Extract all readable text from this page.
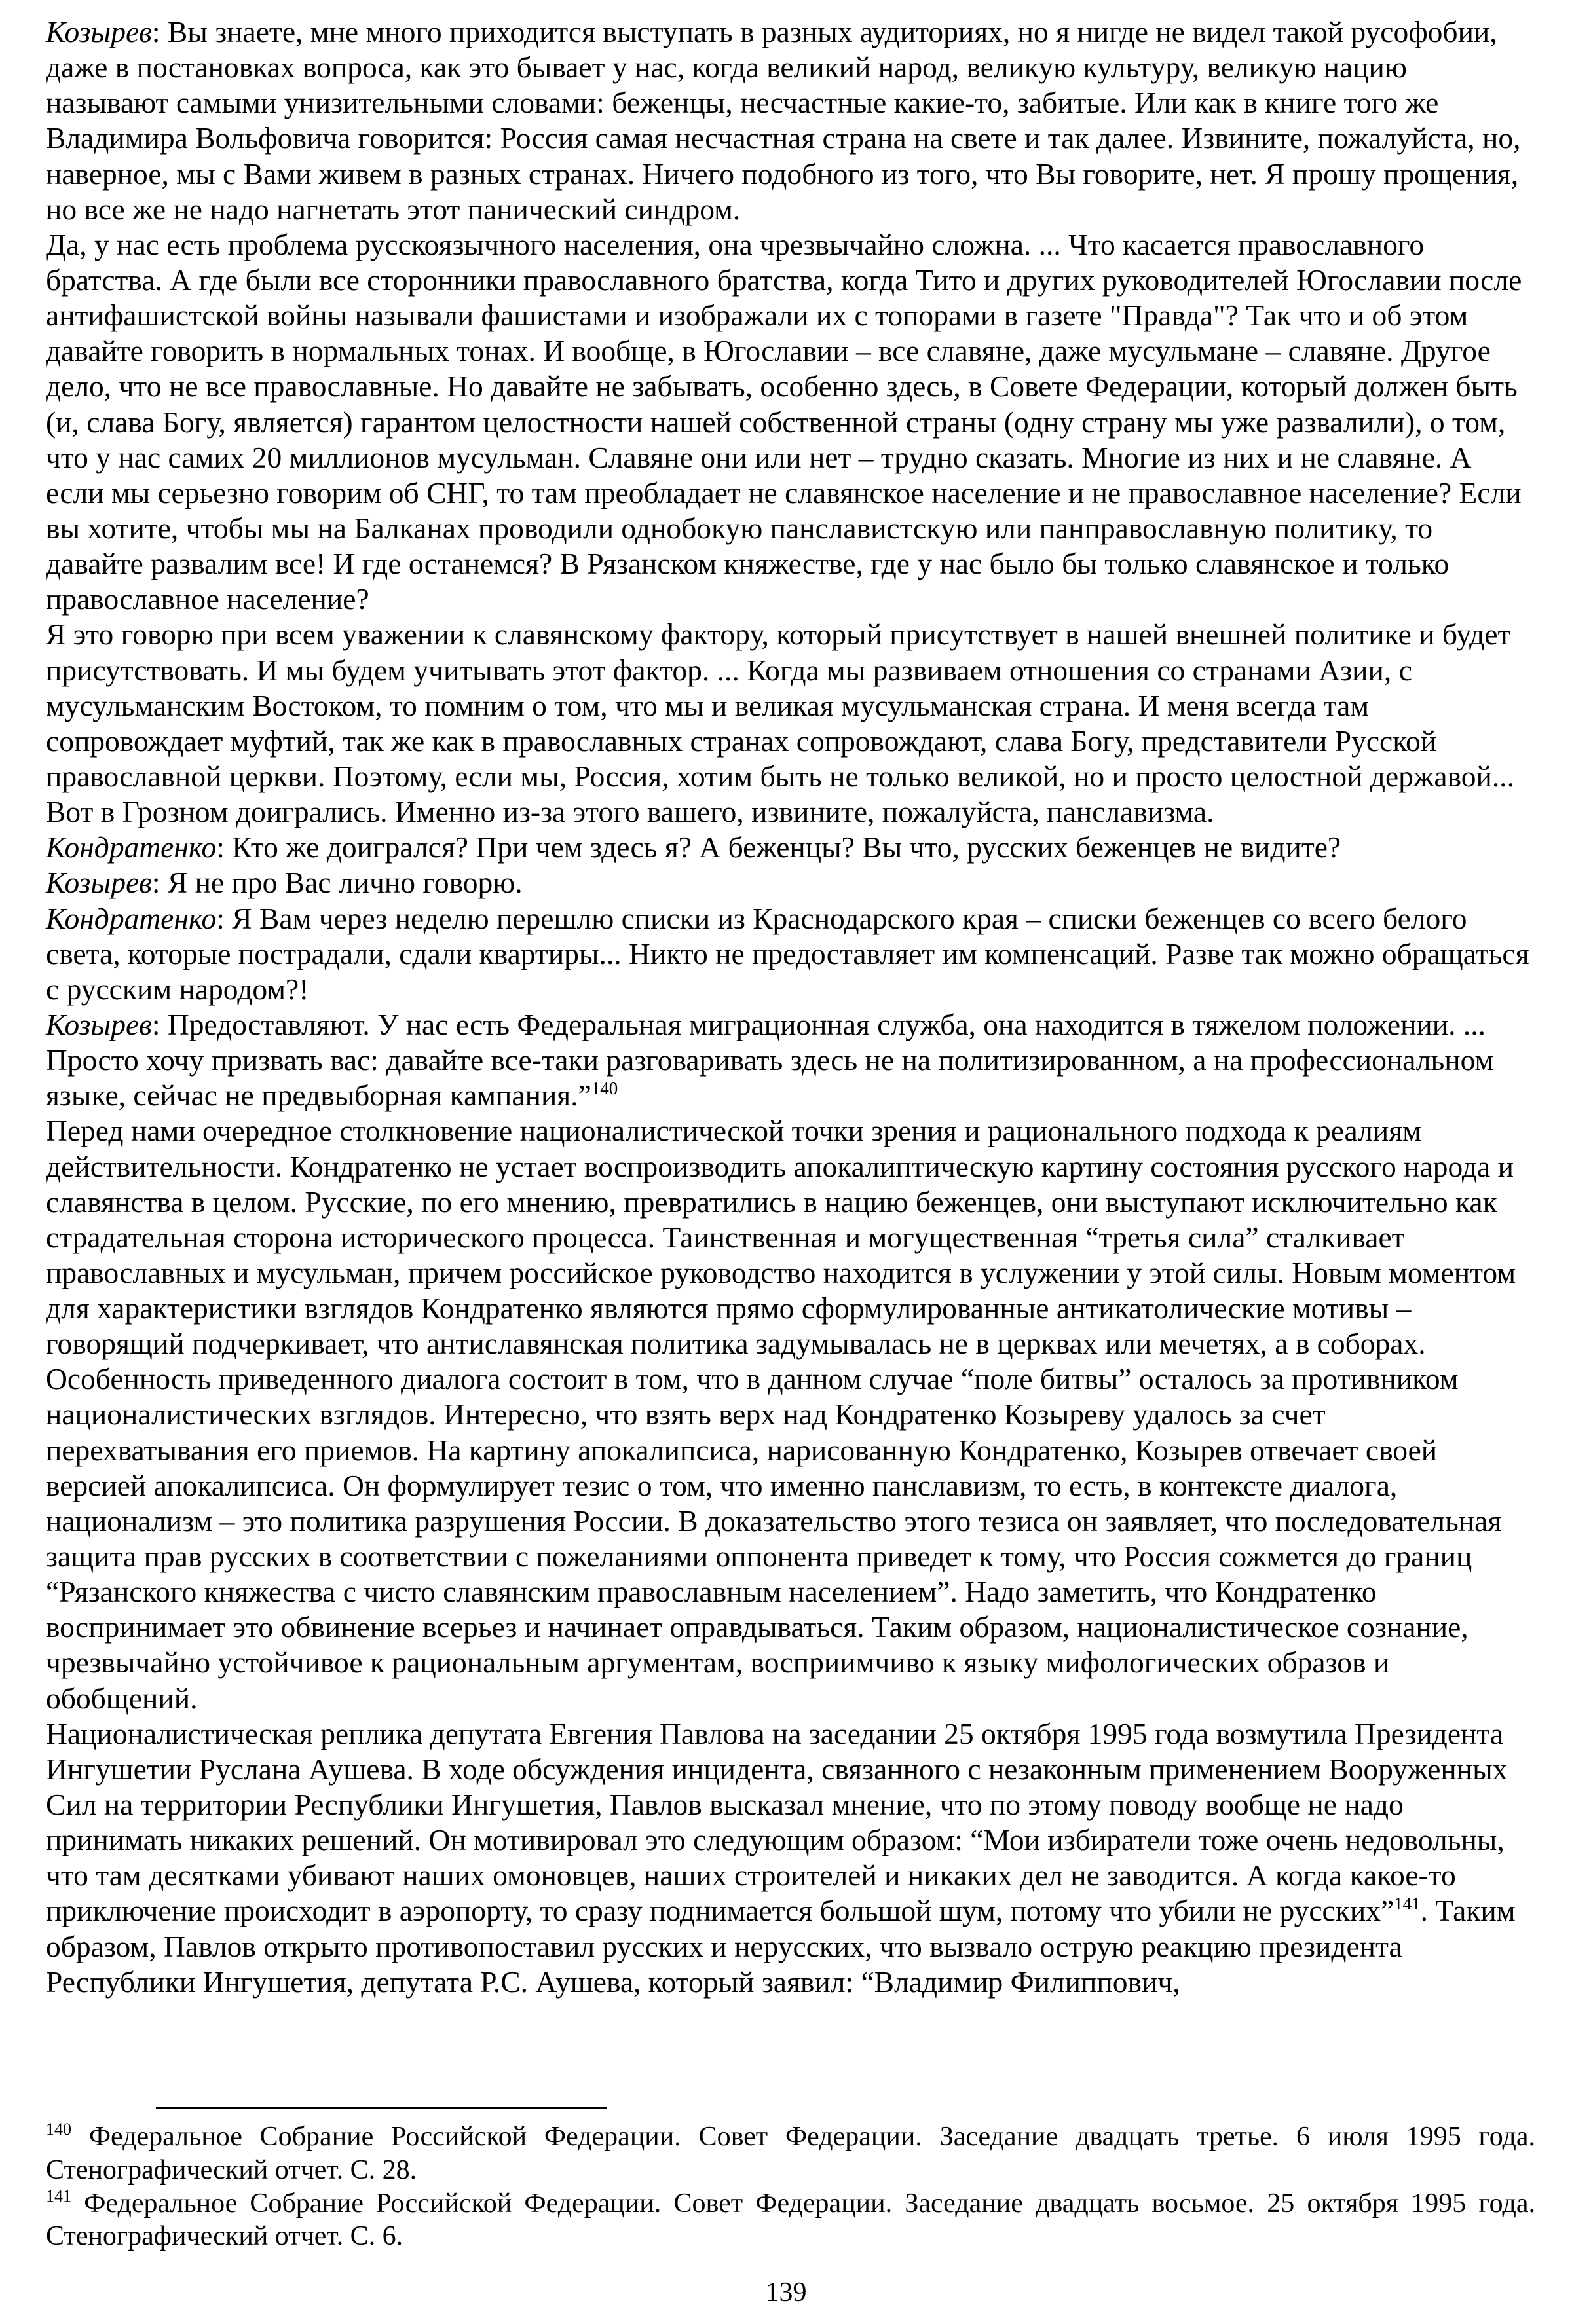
Козырев: Вы знаете, мне много приходится выступать в разных аудиториях, но я нигде не видел такой русофобии, даже в постановках вопроса, как это бывает у нас, когда великий народ, великую культуру, великую нацию называют самыми унизительными словами: беженцы, несчастные какие-то, забитые. Или как в книге того же Владимира Вольфовича говорится: Россия самая несчастная страна на свете и так далее. Извините, пожалуйста, но, наверное, мы с Вами живем в разных странах. Ничего подобного из того, что Вы говорите, нет. Я прошу прощения, но все же не надо нагнетать этот панический синдром.

Да, у нас есть проблема русскоязычного населения, она чрезвычайно сложна. ... Что касается православного братства. А где были все сторонники православного братства, когда Тито и других руководителей Югославии после антифашистской войны называли фашистами и изображали их с топорами в газете "Правда"? Так что и об этом давайте говорить в нормальных тонах. И вообще, в Югославии – все славяне, даже мусульмане – славяне. Другое дело, что не все православные. Но давайте не забывать, особенно здесь, в Совете Федерации, который должен быть (и, слава Богу, является) гарантом целостности нашей собственной страны (одну страну мы уже развалили), о том, что у нас самих 20 миллионов мусульман. Славяне они или нет – трудно сказать. Многие из них и не славяне. А если мы серьезно говорим об СНГ, то там преобладает не славянское население и не православное население? Если вы хотите, чтобы мы на Балканах проводили однобокую панславистскую или панправославную политику, то давайте развалим все! И где останемся? В Рязанском княжестве, где у нас было бы только славянское и только православное население?

Я это говорю при всем уважении к славянскому фактору, который присутствует в нашей внешней политике и будет присутствовать. И мы будем учитывать этот фактор. ... Когда мы развиваем отношения со странами Азии, с мусульманским Востоком, то помним о том, что мы и великая мусульманская страна. И меня всегда там сопровождает муфтий, так же как в православных странах сопровождают, слава Богу, представители Русской православной церкви. Поэтому, если мы, Россия, хотим быть не только великой, но и просто целостной державой... Вот в Грозном доигрались. Именно из-за этого вашего, извините, пожалуйста, панславизма.

Кондратенко: Кто же доигрался? При чем здесь я? А беженцы? Вы что, русских беженцев не видите?

Козырев: Я не про Вас лично говорю.

Кондратенко: Я Вам через неделю перешлю списки из Краснодарского края – списки беженцев со всего белого света, которые пострадали, сдали квартиры... Никто не предоставляет им компенсаций. Разве так можно обращаться с русским народом?!

Козырев: Предоставляют. У нас есть Федеральная миграционная служба, она находится в тяжелом положении. ... Просто хочу призвать вас: давайте все-таки разговаривать здесь не на политизированном, а на профессиональном языке, сейчас не предвыборная кампания.”$^{140}$

Перед нами очередное столкновение националистической точки зрения и рационального подхода к реалиям действительности. Кондратенко не устает воспроизводить апокалиптическую картину состояния русского народа и славянства в целом. Русские, по его мнению, превратились в нацию беженцев, они выступают исключительно как страдательная сторона исторического процесса. Таинственная и могущественная “третья сила” сталкивает православных и мусульман, причем российское руководство находится в услужении у этой силы. Новым моментом для характеристики взглядов Кондратенко являются прямо сформулированные антикатолические мотивы – говорящий подчеркивает, что антиславянская политика задумывалась не в церквах или мечетях, а в соборах.

Особенность приведенного диалога состоит в том, что в данном случае “поле битвы” осталось за противником националистических взглядов. Интересно, что взять верх над Кондратенко Козыреву удалось за счет перехватывания его приемов. На картину апокалипсиса, нарисованную Кондратенко, Козырев отвечает своей версией апокалипсиса. Он формулирует тезис о том, что именно панславизм, то есть, в контексте диалога, национализм – это политика разрушения России. В доказательство этого тезиса он заявляет, что последовательная защита прав русских в соответствии с пожеланиями оппонента приведет к тому, что Россия сожмется до границ “Рязанского княжества с чисто славянским православным населением”. Надо заметить, что Кондратенко воспринимает это обвинение всерьез и начинает оправдываться. Таким образом, националистическое сознание, чрезвычайно устойчивое к рациональным аргументам, восприимчиво к языку мифологических образов и обобщений.

Националистическая реплика депутата Евгения Павлова на заседании 25 октября 1995 года возмутила Президента Ингушетии Руслана Аушева. В ходе обсуждения инцидента, связанного с незаконным применением Вооруженных Сил на территории Республики Ингушетия, Павлов высказал мнение, что по этому поводу вообще не надо принимать никаких решений. Он мотивировал это следующим образом: “Мои избиратели тоже очень недовольны, что там десятками убивают наших омоновцев, наших строителей и никаких дел не заводится. А когда какое-то приключение происходит в аэропорту, то сразу поднимается большой шум, потому что убили не русских”$^{141}$. Таким образом, Павлов открыто противопоставил русских и нерусских, что вызвало острую реакцию президента Республики Ингушетия, депутата Р.С. Аушева, который заявил: “Владимир Филиппович,

$^{140}$ Федеральное Собрание Российской Федерации. Совет Федерации. Заседание двадцать третье. 6 июля 1995 года. Стенографический отчет. С. 28.

$^{141}$ Федеральное Собрание Российской Федерации. Совет Федерации. Заседание двадцать восьмое. 25 октября 1995 года. Стенографический отчет. С. 6.

139
